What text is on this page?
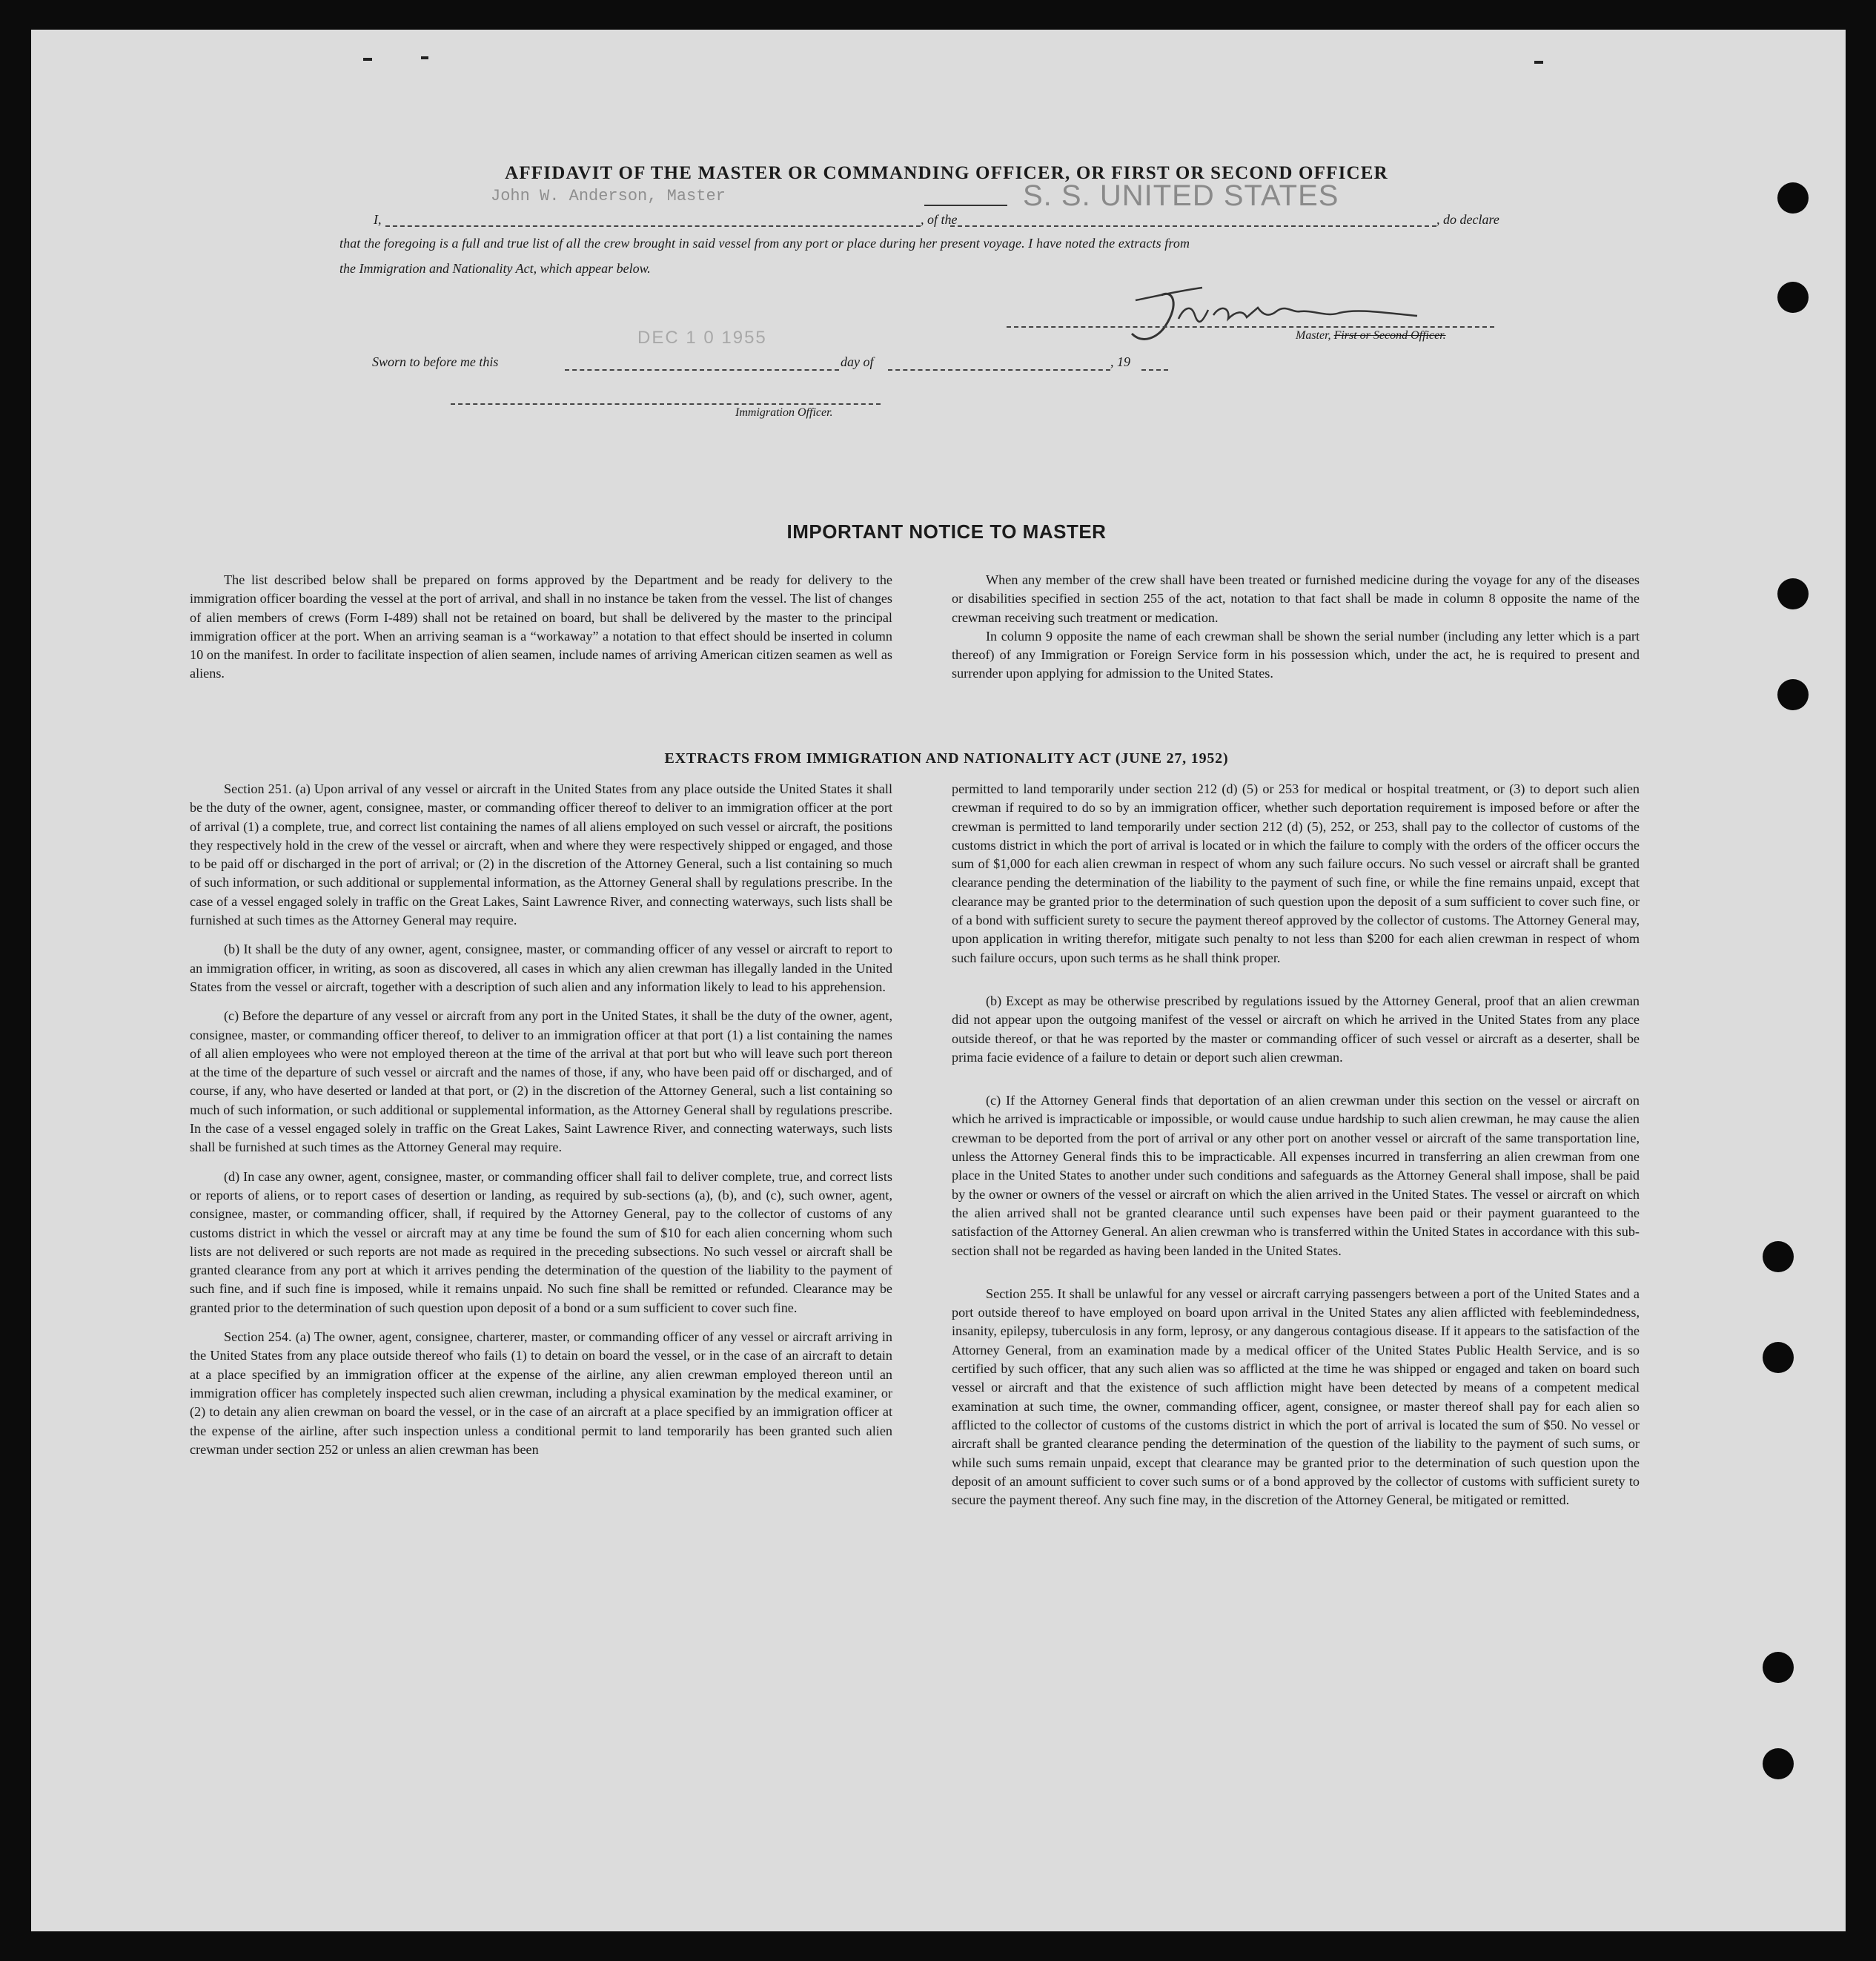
AFFIDAVIT OF THE MASTER OR COMMANDING OFFICER, OR FIRST OR SECOND OFFICER
I,
John W. Anderson, Master
, of the
S. S. UNITED STATES
, do declare
that the foregoing is a full and true list of all the crew brought in said vessel from any port or place during her present voyage. I have noted the extracts from
the Immigration and Nationality Act, which appear below.
Master, First or Second Officer.
DEC 1 0 1955
Sworn to before me this	day of	, 19
Immigration Officer.
IMPORTANT NOTICE TO MASTER

The list described below shall be prepared on forms approved by the Department and be ready for delivery to the immigration officer boarding the vessel at the port of arrival, and shall in no instance be taken from the vessel. The list of changes of alien members of crews (Form I-489) shall not be retained on board, but shall be delivered by the master to the principal immigration officer at the port. When an arriving seaman is a “workaway” a notation to that effect should be inserted in column 10 on the manifest. In order to facilitate inspection of alien seamen, include names of arriving American citizen seamen as well as aliens.

When any member of the crew shall have been treated or furnished medicine during the voyage for any of the diseases or disabilities specified in section 255 of the act, notation to that fact shall be made in column 8 opposite the name of the crewman receiving such treatment or medication.

In column 9 opposite the name of each crewman shall be shown the serial number (including any letter which is a part thereof) of any Immigration or Foreign Service form in his possession which, under the act, he is required to present and surrender upon applying for admission to the United States.

EXTRACTS FROM IMMIGRATION AND NATIONALITY ACT (JUNE 27, 1952)

Section 251. (a) Upon arrival of any vessel or aircraft in the United States from any place outside the United States it shall be the duty of the owner, agent, consignee, master, or commanding officer thereof to deliver to an immigration officer at the port of arrival (1) a complete, true, and correct list containing the names of all aliens employed on such vessel or aircraft, the positions they respectively hold in the crew of the vessel or aircraft, when and where they were respectively shipped or engaged, and those to be paid off or discharged in the port of arrival; or (2) in the discretion of the Attorney General, such a list containing so much of such information, or such additional or supplemental information, as the Attorney General shall by regulations prescribe. In the case of a vessel engaged solely in traffic on the Great Lakes, Saint Lawrence River, and connecting waterways, such lists shall be furnished at such times as the Attorney General may require.

(b) It shall be the duty of any owner, agent, consignee, master, or commanding officer of any vessel or aircraft to report to an immigration officer, in writing, as soon as discovered, all cases in which any alien crewman has illegally landed in the United States from the vessel or aircraft, together with a description of such alien and any information likely to lead to his apprehension.

(c) Before the departure of any vessel or aircraft from any port in the United States, it shall be the duty of the owner, agent, consignee, master, or commanding officer thereof, to deliver to an immigration officer at that port (1) a list containing the names of all alien employees who were not employed thereon at the time of the arrival at that port but who will leave such port thereon at the time of the departure of such vessel or aircraft and the names of those, if any, who have been paid off or discharged, and of course, if any, who have deserted or landed at that port, or (2) in the discretion of the Attorney General, such a list containing so much of such information, or such additional or supplemental information, as the Attorney General shall by regulations prescribe. In the case of a vessel engaged solely in traffic on the Great Lakes, Saint Lawrence River, and connecting waterways, such lists shall be furnished at such times as the Attorney General may require.

(d) In case any owner, agent, consignee, master, or commanding officer shall fail to deliver complete, true, and correct lists or reports of aliens, or to report cases of desertion or landing, as required by sub-sections (a), (b), and (c), such owner, agent, consignee, master, or commanding officer, shall, if required by the Attorney General, pay to the collector of customs of any customs district in which the vessel or aircraft may at any time be found the sum of $10 for each alien concerning whom such lists are not delivered or such reports are not made as required in the preceding subsections. No such vessel or aircraft shall be granted clearance from any port at which it arrives pending the determination of the question of the liability to the payment of such fine, and if such fine is imposed, while it remains unpaid. No such fine shall be remitted or refunded. Clearance may be granted prior to the determination of such question upon deposit of a bond or a sum sufficient to cover such fine.

Section 254. (a) The owner, agent, consignee, charterer, master, or commanding officer of any vessel or aircraft arriving in the United States from any place outside thereof who fails (1) to detain on board the vessel, or in the case of an aircraft to detain at a place specified by an immigration officer at the expense of the airline, any alien crewman employed thereon until an immigration officer has completely inspected such alien crewman, including a physical examination by the medical examiner, or (2) to detain any alien crewman on board the vessel, or in the case of an aircraft at a place specified by an immigration officer at the expense of the airline, after such inspection unless a conditional permit to land temporarily has been granted such alien crewman under section 252 or unless an alien crewman has been

permitted to land temporarily under section 212 (d) (5) or 253 for medical or hospital treatment, or (3) to deport such alien crewman if required to do so by an immigration officer, whether such deportation requirement is imposed before or after the crewman is permitted to land temporarily under section 212 (d) (5), 252, or 253, shall pay to the collector of customs of the customs district in which the port of arrival is located or in which the failure to comply with the orders of the officer occurs the sum of $1,000 for each alien crewman in respect of whom any such failure occurs. No such vessel or aircraft shall be granted clearance pending the determination of the liability to the payment of such fine, or while the fine remains unpaid, except that clearance may be granted prior to the determination of such question upon the deposit of a sum sufficient to cover such fine, or of a bond with sufficient surety to secure the payment thereof approved by the collector of customs. The Attorney General may, upon application in writing therefor, mitigate such penalty to not less than $200 for each alien crewman in respect of whom such failure occurs, upon such terms as he shall think proper.

(b) Except as may be otherwise prescribed by regulations issued by the Attorney General, proof that an alien crewman did not appear upon the outgoing manifest of the vessel or aircraft on which he arrived in the United States from any place outside thereof, or that he was reported by the master or commanding officer of such vessel or aircraft as a deserter, shall be prima facie evidence of a failure to detain or deport such alien crewman.

(c) If the Attorney General finds that deportation of an alien crewman under this section on the vessel or aircraft on which he arrived is impracticable or impossible, or would cause undue hardship to such alien crewman, he may cause the alien crewman to be deported from the port of arrival or any other port on another vessel or aircraft of the same transportation line, unless the Attorney General finds this to be impracticable. All expenses incurred in transferring an alien crewman from one place in the United States to another under such conditions and safeguards as the Attorney General shall impose, shall be paid by the owner or owners of the vessel or aircraft on which the alien arrived in the United States. The vessel or aircraft on which the alien arrived shall not be granted clearance until such expenses have been paid or their payment guaranteed to the satisfaction of the Attorney General. An alien crewman who is transferred within the United States in accordance with this sub-section shall not be regarded as having been landed in the United States.

Section 255. It shall be unlawful for any vessel or aircraft carrying passengers between a port of the United States and a port outside thereof to have employed on board upon arrival in the United States any alien afflicted with feeblemindedness, insanity, epilepsy, tuberculosis in any form, leprosy, or any dangerous contagious disease. If it appears to the satisfaction of the Attorney General, from an examination made by a medical officer of the United States Public Health Service, and is so certified by such officer, that any such alien was so afflicted at the time he was shipped or engaged and taken on board such vessel or aircraft and that the existence of such affliction might have been detected by means of a competent medical examination at such time, the owner, commanding officer, agent, consignee, or master thereof shall pay for each alien so afflicted to the collector of customs of the customs district in which the port of arrival is located the sum of $50. No vessel or aircraft shall be granted clearance pending the determination of the question of the liability to the payment of such sums, or while such sums remain unpaid, except that clearance may be granted prior to the determination of such question upon the deposit of an amount sufficient to cover such sums or of a bond approved by the collector of customs with sufficient surety to secure the payment thereof. Any such fine may, in the discretion of the Attorney General, be mitigated or remitted.
